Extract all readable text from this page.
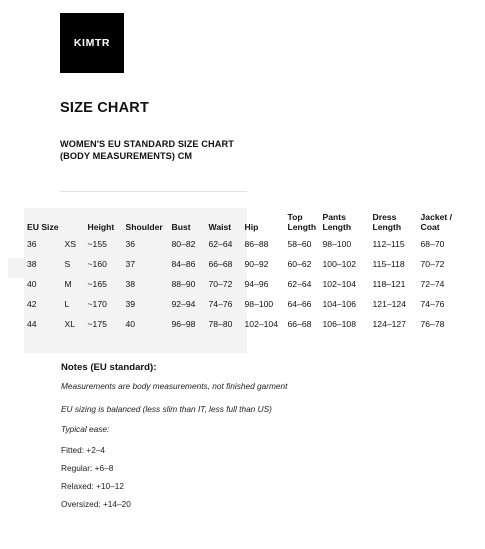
KIMTR
SIZE CHART

WOMEN'S EU STANDARD SIZE CHART (BODY MEASUREMENTS) CM

EU Size		Height	Shoulder	Bust	Waist	Hip	Top Length	Pants Length	Dress Length	Jacket / Coat
36	XS	~155	36	80–82	62–64	86–88	58–60	98–100	112–115	68–70
38	S	~160	37	84–86	66–68	90–92	60–62	100–102	115–118	70–72
40	M	~165	38	88–90	70–72	94–96	62–64	102–104	118–121	72–74
42	L	~170	39	92–94	74–76	98–100	64–66	104–106	121–124	74–76
44	XL	~175	40	96–98	78–80	102–104	66–68	106–108	124–127	76–78

Notes (EU standard):

Measurements are body measurements, not finished garment

EU sizing is balanced (less slim than IT, less full than US)

Typical ease:

Fitted: +2–4

Regular: +6–8

Relaxed: +10–12

Oversized: +14–20
